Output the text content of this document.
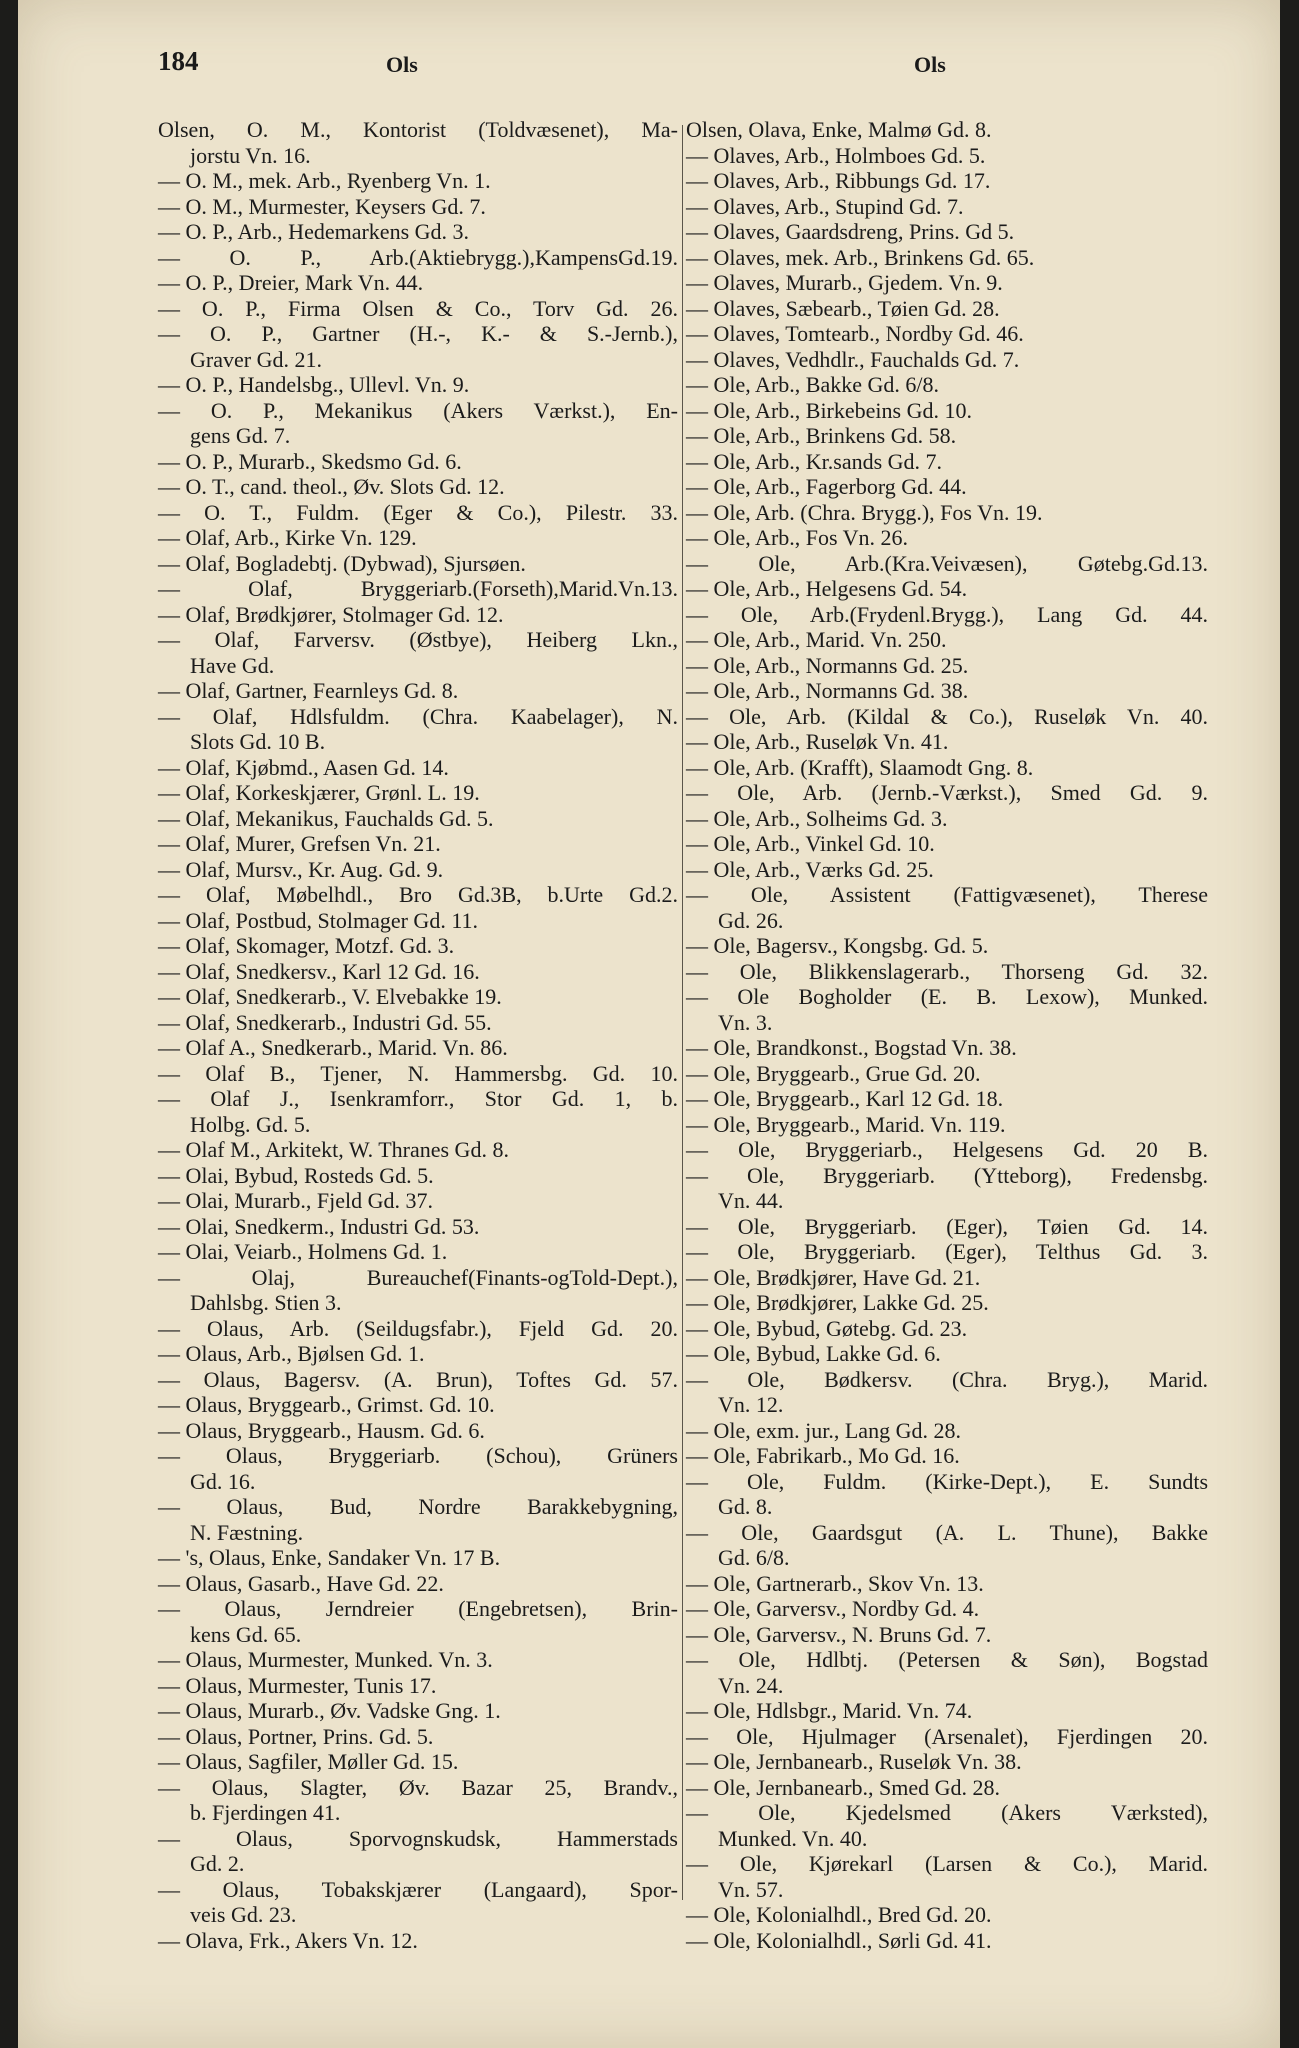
184	Ols	Ols
Olsen, O. M., Kontorist (Toldvæsenet), Ma-
jorstu Vn. 16.
— O. M., mek. Arb., Ryenberg Vn. 1.
— O. M., Murmester, Keysers Gd. 7.
— O. P., Arb., Hedemarkens Gd. 3.
— O. P., Arb.(Aktiebrygg.),KampensGd.19.
— O. P., Dreier, Mark Vn. 44.
— O. P., Firma Olsen & Co., Torv Gd. 26.
— O. P., Gartner (H.-, K.- & S.-Jernb.),
Graver Gd. 21.
— O. P., Handelsbg., Ullevl. Vn. 9.
— O. P., Mekanikus (Akers Værkst.), En-
gens Gd. 7.
— O. P., Murarb., Skedsmo Gd. 6.
— O. T., cand. theol., Øv. Slots Gd. 12.
— O. T., Fuldm. (Eger & Co.), Pilestr. 33.
— Olaf, Arb., Kirke Vn. 129.
— Olaf, Bogladebtj. (Dybwad), Sjursøen.
— Olaf, Bryggeriarb.(Forseth),Marid.Vn.13.
— Olaf, Brødkjører, Stolmager Gd. 12.
— Olaf, Farversv. (Østbye), Heiberg Lkn.,
Have Gd.
— Olaf, Gartner, Fearnleys Gd. 8.
— Olaf, Hdlsfuldm. (Chra. Kaabelager), N.
Slots Gd. 10 B.
— Olaf, Kjøbmd., Aasen Gd. 14.
— Olaf, Korkeskjærer, Grønl. L. 19.
— Olaf, Mekanikus, Fauchalds Gd. 5.
— Olaf, Murer, Grefsen Vn. 21.
— Olaf, Mursv., Kr. Aug. Gd. 9.
— Olaf, Møbelhdl., Bro Gd.3B, b.Urte Gd.2.
— Olaf, Postbud, Stolmager Gd. 11.
— Olaf, Skomager, Motzf. Gd. 3.
— Olaf, Snedkersv., Karl 12 Gd. 16.
— Olaf, Snedkerarb., V. Elvebakke 19.
— Olaf, Snedkerarb., Industri Gd. 55.
— Olaf A., Snedkerarb., Marid. Vn. 86.
— Olaf B., Tjener, N. Hammersbg. Gd. 10.
— Olaf J., Isenkramforr., Stor Gd. 1, b.
Holbg. Gd. 5.
— Olaf M., Arkitekt, W. Thranes Gd. 8.
— Olai, Bybud, Rosteds Gd. 5.
— Olai, Murarb., Fjeld Gd. 37.
— Olai, Snedkerm., Industri Gd. 53.
— Olai, Veiarb., Holmens Gd. 1.
— Olaj, Bureauchef(Finants-ogTold-Dept.),
Dahlsbg. Stien 3.
— Olaus, Arb. (Seildugsfabr.), Fjeld Gd. 20.
— Olaus, Arb., Bjølsen Gd. 1.
— Olaus, Bagersv. (A. Brun), Toftes Gd. 57.
— Olaus, Bryggearb., Grimst. Gd. 10.
— Olaus, Bryggearb., Hausm. Gd. 6.
— Olaus, Bryggeriarb. (Schou), Grüners
Gd. 16.
— Olaus, Bud, Nordre Barakkebygning,
N. Fæstning.
— 's, Olaus, Enke, Sandaker Vn. 17 B.
— Olaus, Gasarb., Have Gd. 22.
— Olaus, Jerndreier (Engebretsen), Brin-
kens Gd. 65.
— Olaus, Murmester, Munked. Vn. 3.
— Olaus, Murmester, Tunis 17.
— Olaus, Murarb., Øv. Vadske Gng. 1.
— Olaus, Portner, Prins. Gd. 5.
— Olaus, Sagfiler, Møller Gd. 15.
— Olaus, Slagter, Øv. Bazar 25, Brandv.,
b. Fjerdingen 41.
— Olaus, Sporvognskudsk, Hammerstads
Gd. 2.
— Olaus, Tobakskjærer (Langaard), Spor-
veis Gd. 23.
— Olava, Frk., Akers Vn. 12.
Olsen, Olava, Enke, Malmø Gd. 8.
— Olaves, Arb., Holmboes Gd. 5.
— Olaves, Arb., Ribbungs Gd. 17.
— Olaves, Arb., Stupind Gd. 7.
— Olaves, Gaardsdreng, Prins. Gd 5.
— Olaves, mek. Arb., Brinkens Gd. 65.
— Olaves, Murarb., Gjedem. Vn. 9.
— Olaves, Sæbearb., Tøien Gd. 28.
— Olaves, Tomtearb., Nordby Gd. 46.
— Olaves, Vedhdlr., Fauchalds Gd. 7.
— Ole, Arb., Bakke Gd. 6/8.
— Ole, Arb., Birkebeins Gd. 10.
— Ole, Arb., Brinkens Gd. 58.
— Ole, Arb., Kr.sands Gd. 7.
— Ole, Arb., Fagerborg Gd. 44.
— Ole, Arb. (Chra. Brygg.), Fos Vn. 19.
— Ole, Arb., Fos Vn. 26.
— Ole, Arb.(Kra.Veivæsen), Gøtebg.Gd.13.
— Ole, Arb., Helgesens Gd. 54.
— Ole, Arb.(Frydenl.Brygg.), Lang Gd. 44.
— Ole, Arb., Marid. Vn. 250.
— Ole, Arb., Normanns Gd. 25.
— Ole, Arb., Normanns Gd. 38.
— Ole, Arb. (Kildal & Co.), Ruseløk Vn. 40.
— Ole, Arb., Ruseløk Vn. 41.
— Ole, Arb. (Krafft), Slaamodt Gng. 8.
— Ole, Arb. (Jernb.-Værkst.), Smed Gd. 9.
— Ole, Arb., Solheims Gd. 3.
— Ole, Arb., Vinkel Gd. 10.
— Ole, Arb., Værks Gd. 25.
— Ole, Assistent (Fattigvæsenet), Therese
Gd. 26.
— Ole, Bagersv., Kongsbg. Gd. 5.
— Ole, Blikkenslagerarb., Thorseng Gd. 32.
— Ole Bogholder (E. B. Lexow), Munked.
Vn. 3.
— Ole, Brandkonst., Bogstad Vn. 38.
— Ole, Bryggearb., Grue Gd. 20.
— Ole, Bryggearb., Karl 12 Gd. 18.
— Ole, Bryggearb., Marid. Vn. 119.
— Ole, Bryggeriarb., Helgesens Gd. 20 B.
— Ole, Bryggeriarb. (Ytteborg), Fredensbg.
Vn. 44.
— Ole, Bryggeriarb. (Eger), Tøien Gd. 14.
— Ole, Bryggeriarb. (Eger), Telthus Gd. 3.
— Ole, Brødkjører, Have Gd. 21.
— Ole, Brødkjører, Lakke Gd. 25.
— Ole, Bybud, Gøtebg. Gd. 23.
— Ole, Bybud, Lakke Gd. 6.
— Ole, Bødkersv. (Chra. Bryg.), Marid.
Vn. 12.
— Ole, exm. jur., Lang Gd. 28.
— Ole, Fabrikarb., Mo Gd. 16.
— Ole, Fuldm. (Kirke-Dept.), E. Sundts
Gd. 8.
— Ole, Gaardsgut (A. L. Thune), Bakke
Gd. 6/8.
— Ole, Gartnerarb., Skov Vn. 13.
— Ole, Garversv., Nordby Gd. 4.
— Ole, Garversv., N. Bruns Gd. 7.
— Ole, Hdlbtj. (Petersen & Søn), Bogstad
Vn. 24.
— Ole, Hdlsbgr., Marid. Vn. 74.
— Ole, Hjulmager (Arsenalet), Fjerdingen 20.
— Ole, Jernbanearb., Ruseløk Vn. 38.
— Ole, Jernbanearb., Smed Gd. 28.
— Ole, Kjedelsmed (Akers Værksted),
Munked. Vn. 40.
— Ole, Kjørekarl (Larsen & Co.), Marid.
Vn. 57.
— Ole, Kolonialhdl., Bred Gd. 20.
— Ole, Kolonialhdl., Sørli Gd. 41.
